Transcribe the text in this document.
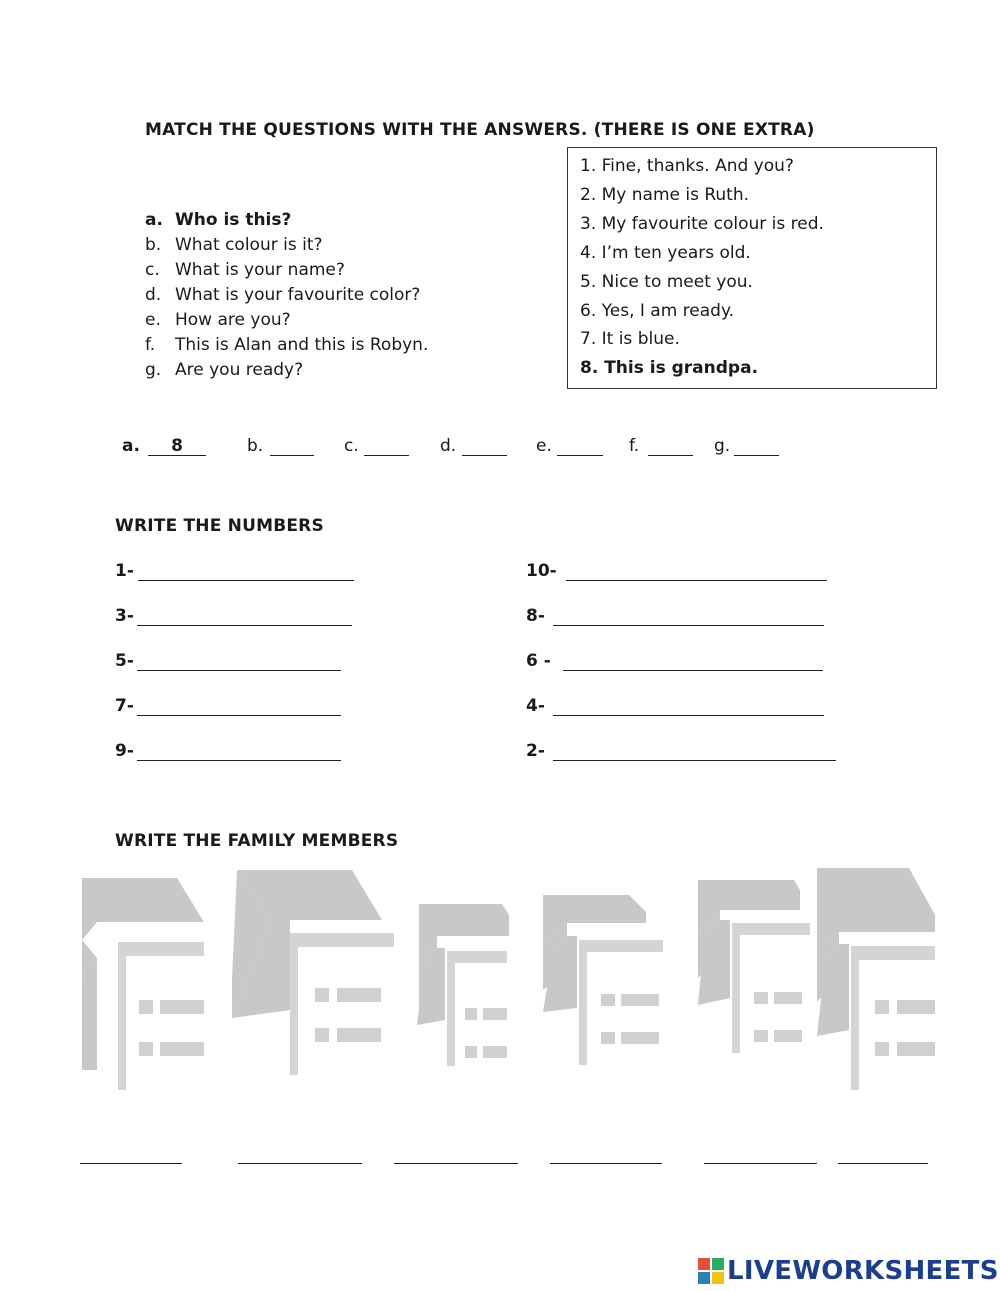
MATCH THE QUESTIONS WITH THE ANSWERS. (THERE IS ONE EXTRA)
a. Who is this?
b. What colour is it?
c. What is your name?
d. What is your favourite color?
e. How are you?
f. This is Alan and this is Robyn.
g. Are you ready?
1. Fine, thanks. And you?
2. My name is Ruth.
3. My favourite colour is red.
4. I’m ten years old.
5. Nice to meet you.
6. Yes, I am ready.
7. It is blue.
8. This is grandpa.
a.	8	b.	c.	d.	e.	f.	g.
WRITE THE NUMBERS
1-
3-
5-
7-
9-
10-
8-
6 -
4-
2-
WRITE THE FAMILY MEMBERS
LIVEWORKSHEETS
